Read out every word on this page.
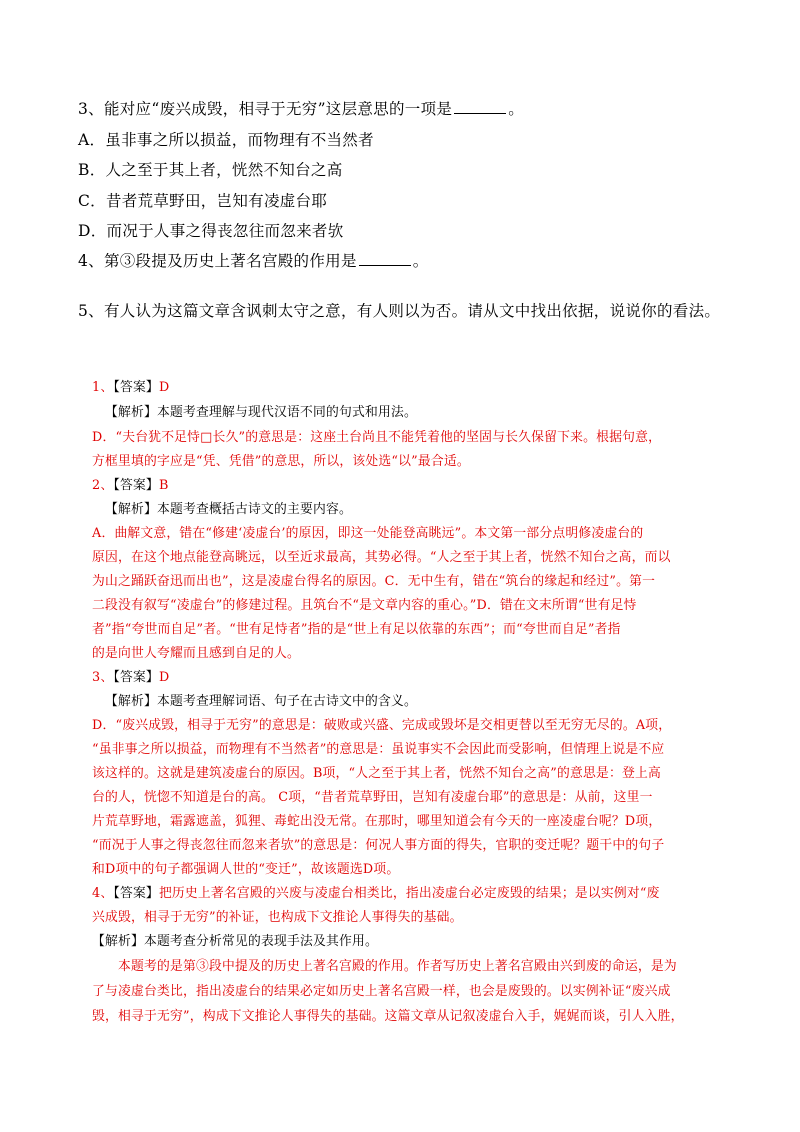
3、能对应“废兴成毁，相寻于无穷”这层意思的一项是	。
A．虽非事之所以损益，而物理有不当然者
B．人之至于其上者，恍然不知台之高
C．昔者荒草野田，岂知有凌虚台耶
D．而况于人事之得丧忽往而忽来者欤
4、第③段提及历史上著名宫殿的作用是	。
5、有人认为这篇文章含讽刺太守之意，有人则以为否。请从文中找出依据，说说你的看法。
1、【答案】D
【解析】本题考查理解与现代汉语不同的句式和用法。
D．“夫台犹不足恃□长久”的意思是：这座土台尚且不能凭着他的坚固与长久保留下来。根据句意，
方框里填的字应是“凭、凭借”的意思，所以，该处选“以”最合适。
2、【答案】B
【解析】本题考查概括古诗文的主要内容。
A．曲解文意，错在“修建‘凌虚台’的原因，即这一处能登高眺远”。本文第一部分点明修凌虚台的
原因，在这个地点能登高眺远，以至近求最高，其势必得。“人之至于其上者，恍然不知台之高，而以
为山之踊跃奋迅而出也”，这是凌虚台得名的原因。C．无中生有，错在“筑台的缘起和经过”。第一
二段没有叙写“凌虚台”的修建过程。且筑台不“是文章内容的重心。”D．错在文末所谓“世有足恃
者”指“夸世而自足”者。“世有足恃者”指的是“世上有足以依靠的东西”；而“夸世而自足”者指
的是向世人夸耀而且感到自足的人。
3、【答案】D
【解析】本题考查理解词语、句子在古诗文中的含义。
D．“废兴成毁，相寻于无穷”的意思是：破败或兴盛、完成或毁坏是交相更替以至无穷无尽的。A项，
“虽非事之所以损益，而物理有不当然者”的意思是：虽说事实不会因此而受影响，但情理上说是不应
该这样的。这就是建筑凌虚台的原因。B项，“人之至于其上者，恍然不知台之高”的意思是：登上高
台的人，恍惚不知道是台的高。 C项，“昔者荒草野田，岂知有凌虚台耶”的意思是：从前，这里一
片荒草野地，霜露遮盖，狐狸、毒蛇出没无常。在那时，哪里知道会有今天的一座凌虚台呢？D项，
“而况于人事之得丧忽往而忽来者欤”的意思是：何况人事方面的得失，官职的变迁呢？题干中的句子
和D项中的句子都强调人世的“变迁”，故该题选D项。
4、【答案】把历史上著名宫殿的兴废与凌虚台相类比，指出凌虚台必定废毁的结果；是以实例对“废
兴成毁，相寻于无穷”的补证，也构成下文推论人事得失的基础。
【解析】本题考查分析常见的表现手法及其作用。
本题考的是第③段中提及的历史上著名宫殿的作用。作者写历史上著名宫殿由兴到废的命运，是为
了与凌虚台类比，指出凌虚台的结果必定如历史上著名宫殿一样，也会是废毁的。以实例补证“废兴成
毁，相寻于无穷”，构成下文推论人事得失的基础。这篇文章从记叙凌虚台入手，娓娓而谈，引人入胜，
